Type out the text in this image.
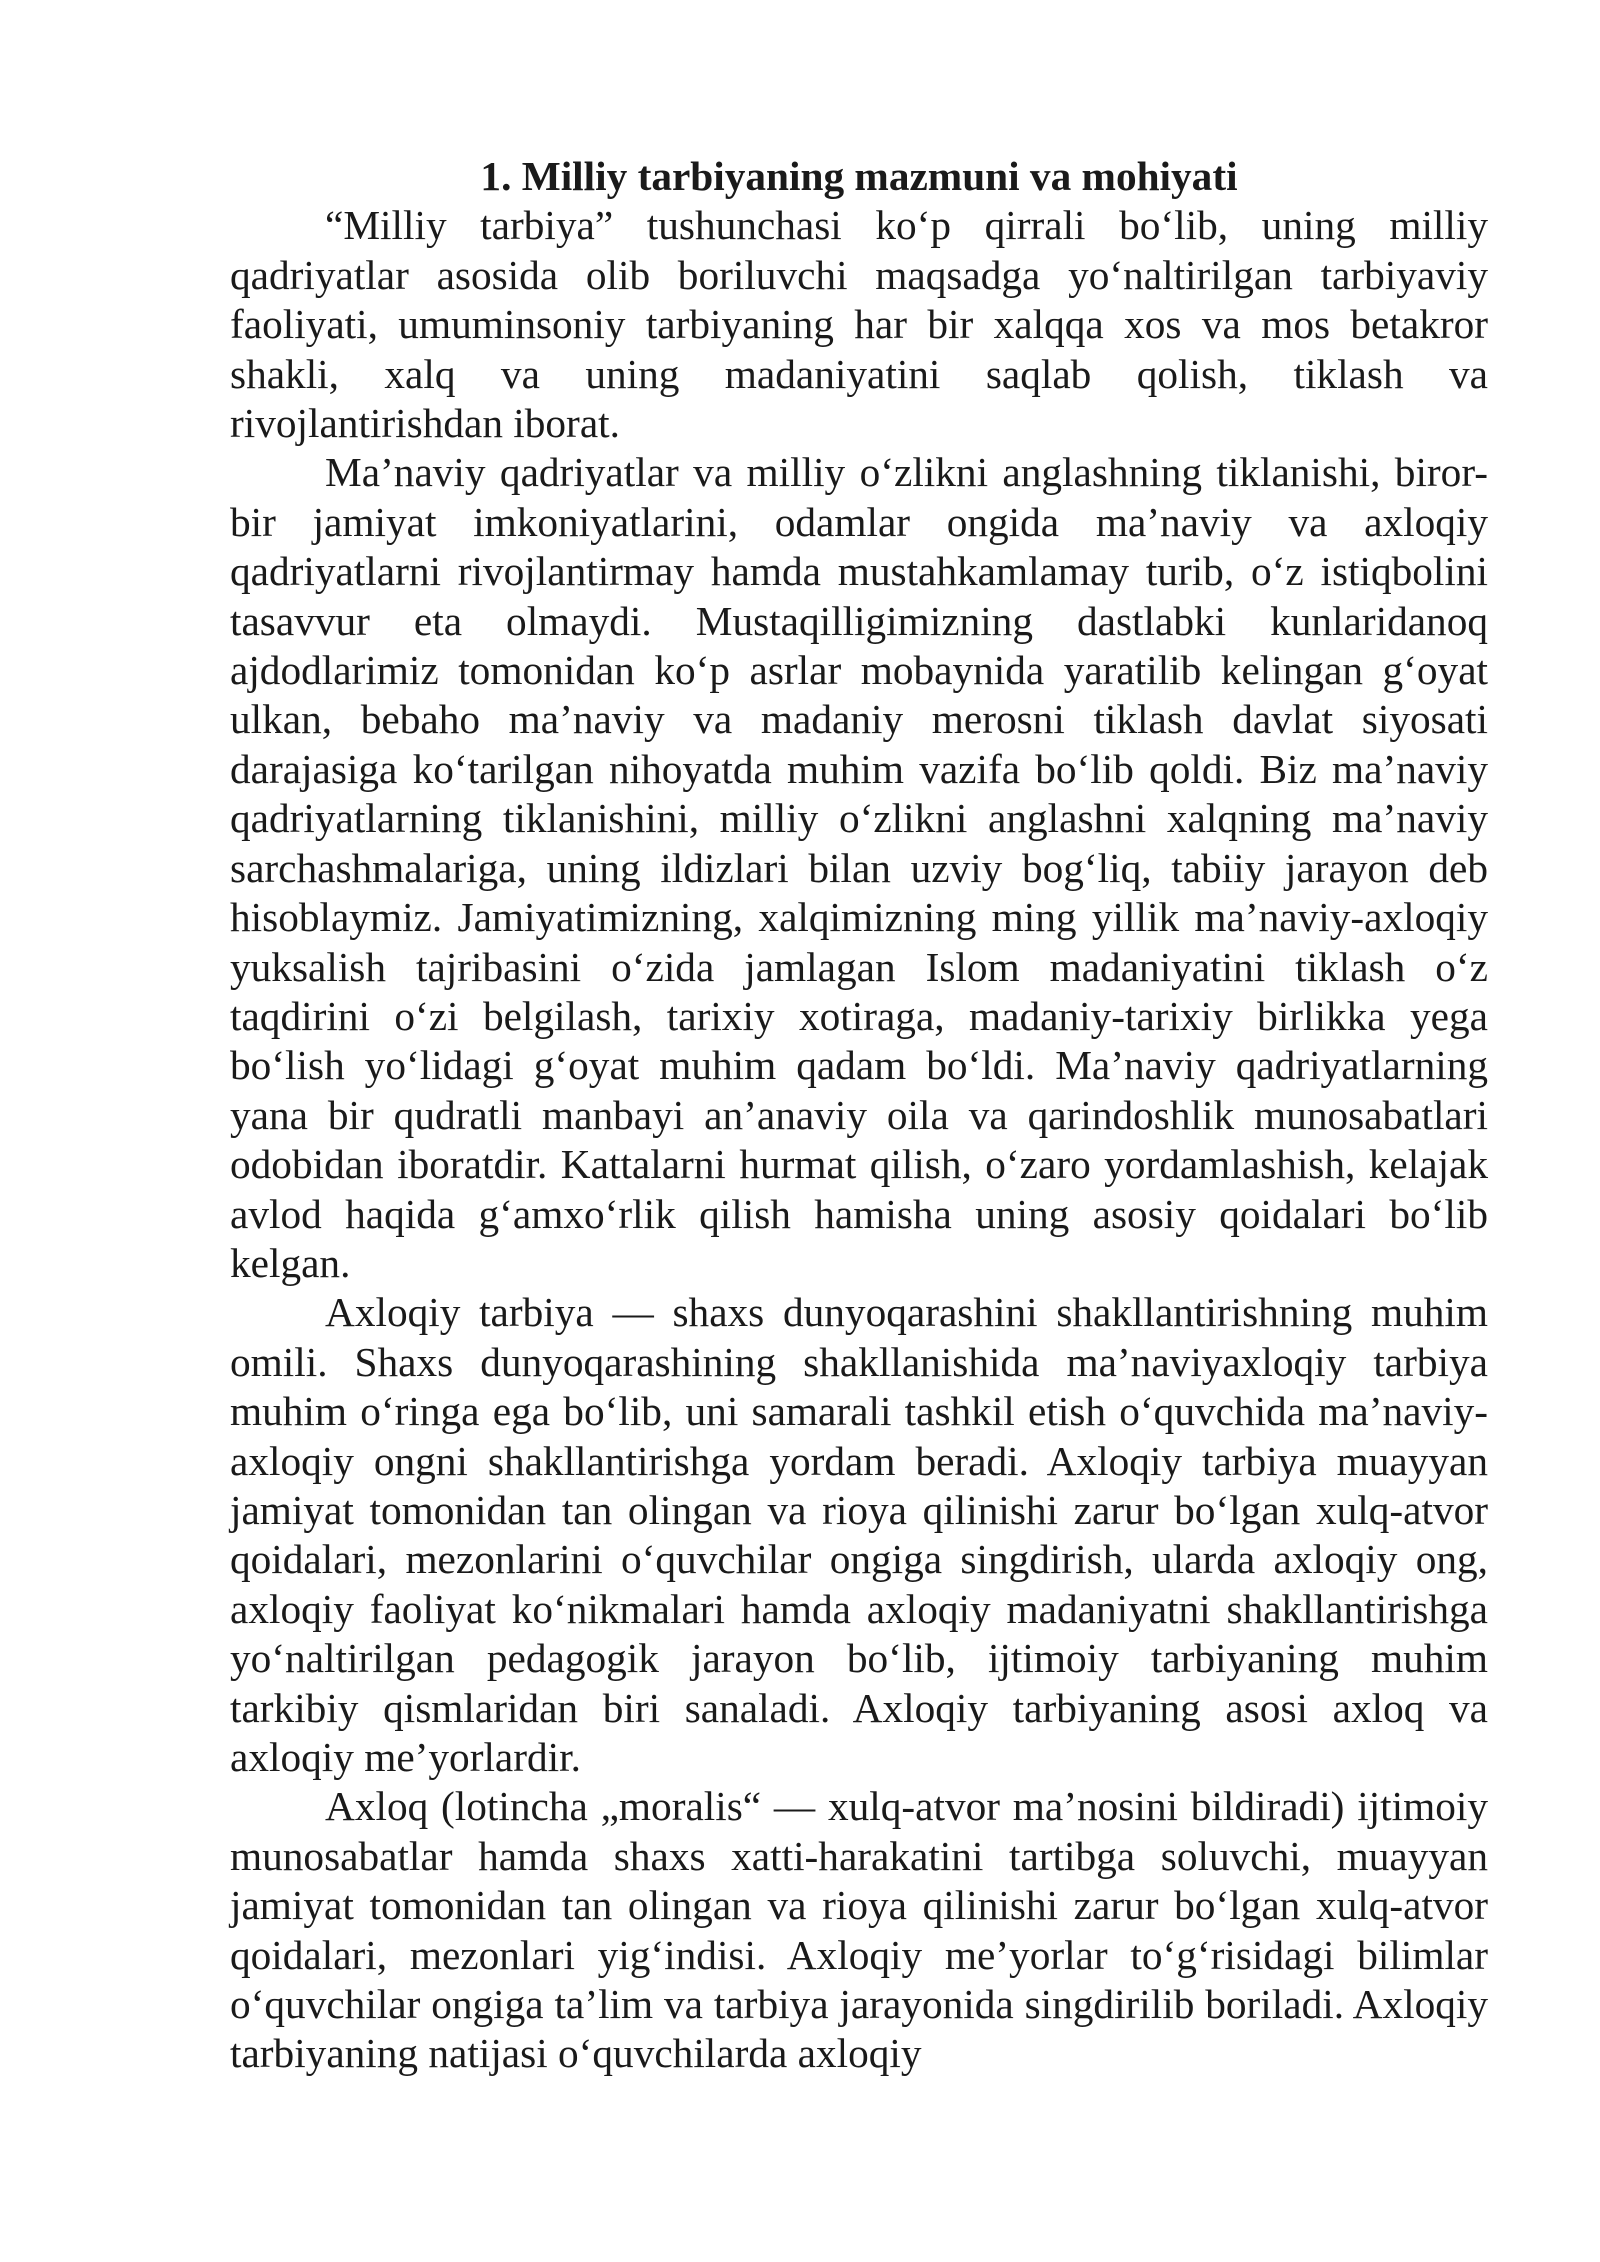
1. Milliy tarbiyaning mazmuni va mohiyati

“Milliy tarbiya” tushunchasi ko‘p qirrali bo‘lib, uning milliy qadriyatlar asosida olib boriluvchi maqsadga yo‘naltirilgan tarbiyaviy faoliyati, umuminsoniy tarbiyaning har bir xalqqa xos va mos betakror shakli, xalq va uning madaniyatini saqlab qolish, tiklash va rivojlantirishdan iborat.

Ma’naviy qadriyatlar va milliy o‘zlikni anglashning tiklanishi, biror-bir jamiyat imkoniyatlarini, odamlar ongida ma’naviy va axloqiy qadriyatlarni rivojlantirmay hamda mustahkamlamay turib, o‘z istiqbolini tasavvur eta olmaydi. Mustaqilligimizning dastlabki kunlaridanoq ajdodlarimiz tomonidan ko‘p asrlar mobaynida yaratilib kelingan g‘oyat ulkan, bebaho ma’naviy va madaniy merosni tiklash davlat siyosati darajasiga ko‘tarilgan nihoyatda muhim vazifa bo‘lib qoldi. Biz ma’naviy qadriyatlarning tiklanishini, milliy o‘zlikni anglashni xalqning ma’naviy sarchashmalariga, uning ildizlari bilan uzviy bog‘liq, tabiiy jarayon deb hisoblaymiz. Jamiyatimizning, xalqimizning ming yillik ma’naviy-axloqiy yuksalish tajribasini o‘zida jamlagan Islom madaniyatini tiklash o‘z taqdirini o‘zi belgilash, tarixiy xotiraga, madaniy-tarixiy birlikka yega bo‘lish yo‘lidagi g‘oyat muhim qadam bo‘ldi. Ma’naviy qadriyatlarning yana bir qudratli manbayi an’anaviy oila va qarindoshlik munosabatlari odobidan iboratdir. Kattalarni hurmat qilish, o‘zaro yordamlashish, kelajak avlod haqida g‘amxo‘rlik qilish hamisha uning asosiy qoidalari bo‘lib kelgan.

Axloqiy tarbiya — shaxs dunyoqarashini shakllantirishning muhim omili. Shaxs dunyoqarashining shakllanishida ma’naviyaxloqiy tarbiya muhim o‘ringa ega bo‘lib, uni samarali tashkil etish o‘quvchida ma’naviy-axloqiy ongni shakllantirishga yordam beradi. Axloqiy tarbiya muayyan jamiyat tomonidan tan olingan va rioya qilinishi zarur bo‘lgan xulq-atvor qoidalari, mezonlarini o‘quvchilar ongiga singdirish, ularda axloqiy ong, axloqiy faoliyat ko‘nikmalari hamda axloqiy madaniyatni shakllantirishga yo‘naltirilgan pedagogik jarayon bo‘lib, ijtimoiy tarbiyaning muhim tarkibiy qismlaridan biri sanaladi. Axloqiy tarbiyaning asosi axloq va axloqiy me’yorlardir.

Axloq (lotincha „moralis“ — xulq-atvor ma’nosini bildiradi) ijtimoiy munosabatlar hamda shaxs xatti-harakatini tartibga soluvchi, muayyan jamiyat tomonidan tan olingan va rioya qilinishi zarur bo‘lgan xulq-atvor qoidalari, mezonlari yig‘indisi. Axloqiy me’yorlar to‘g‘risidagi bilimlar o‘quvchilar ongiga ta’lim va tarbiya jarayonida singdirilib boriladi. Axloqiy tarbiyaning natijasi o‘quvchilarda axloqiy
